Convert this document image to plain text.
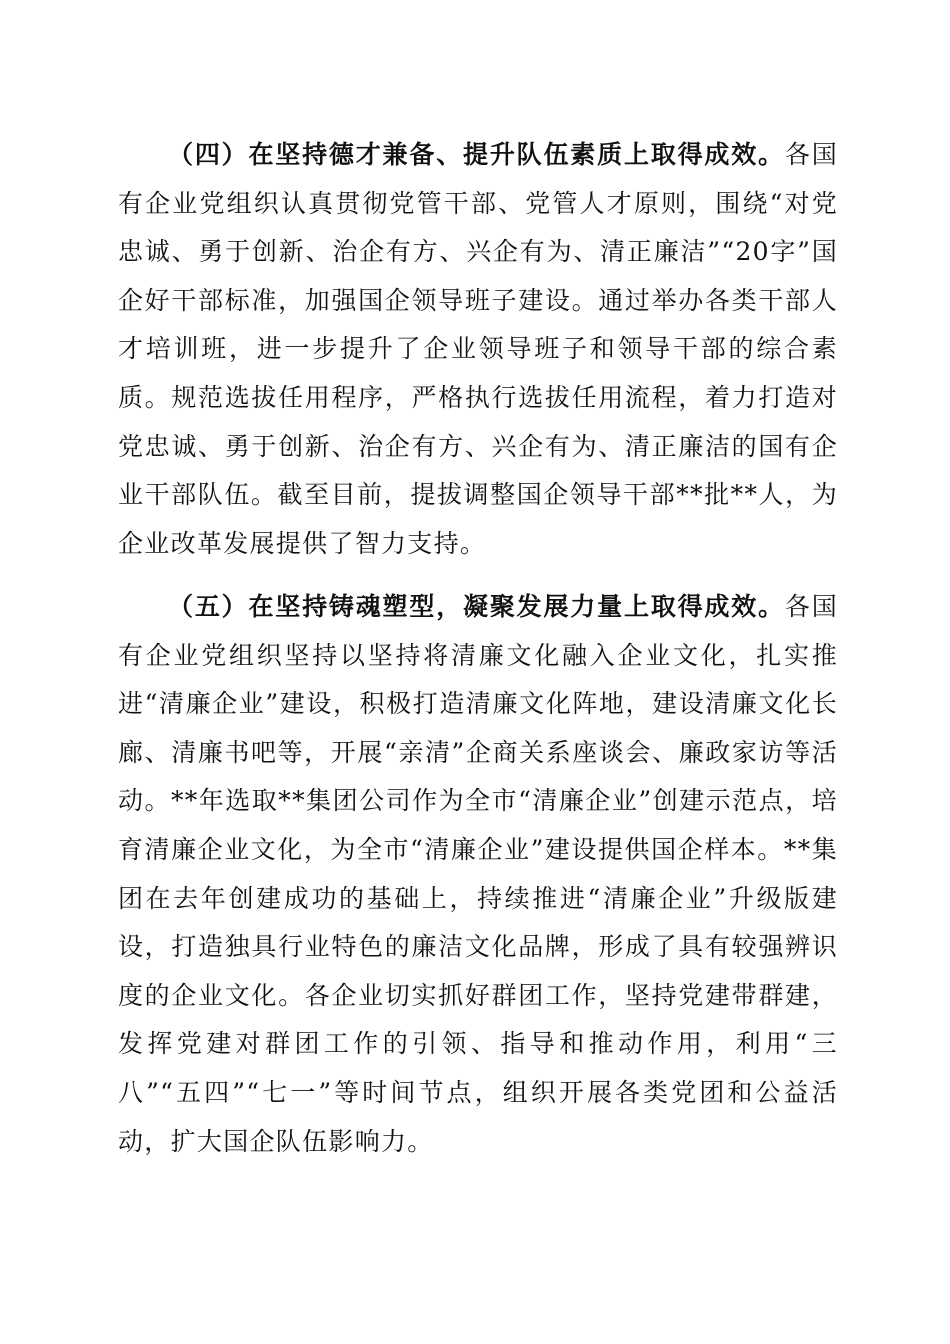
（四）在坚持德才兼备、提升队伍素质上取得成效。各国有企业党组织认真贯彻党管干部、党管人才原则，围绕“对党忠诚、勇于创新、治企有方、兴企有为、清正廉洁”“20字”国企好干部标准，加强国企领导班子建设。通过举办各类干部人才培训班，进一步提升了企业领导班子和领导干部的综合素质。规范选拔任用程序，严格执行选拔任用流程，着力打造对党忠诚、勇于创新、治企有方、兴企有为、清正廉洁的国有企业干部队伍。截至目前，提拔调整国企领导干部**批**人，为企业改革发展提供了智力支持。

（五）在坚持铸魂塑型，凝聚发展力量上取得成效。各国有企业党组织坚持以坚持将清廉文化融入企业文化，扎实推进“清廉企业”建设，积极打造清廉文化阵地，建设清廉文化长廊、清廉书吧等，开展“亲清”企商关系座谈会、廉政家访等活动。**年选取**集团公司作为全市“清廉企业”创建示范点，培育清廉企业文化，为全市“清廉企业”建设提供国企样本。**集团在去年创建成功的基础上，持续推进“清廉企业”升级版建设，打造独具行业特色的廉洁文化品牌，形成了具有较强辨识度的企业文化。各企业切实抓好群团工作，坚持党建带群建，发挥党建对群团工作的引领、指导和推动作用，利用“三八”“五四”“七一”等时间节点，组织开展各类党团和公益活动，扩大国企队伍影响力。
